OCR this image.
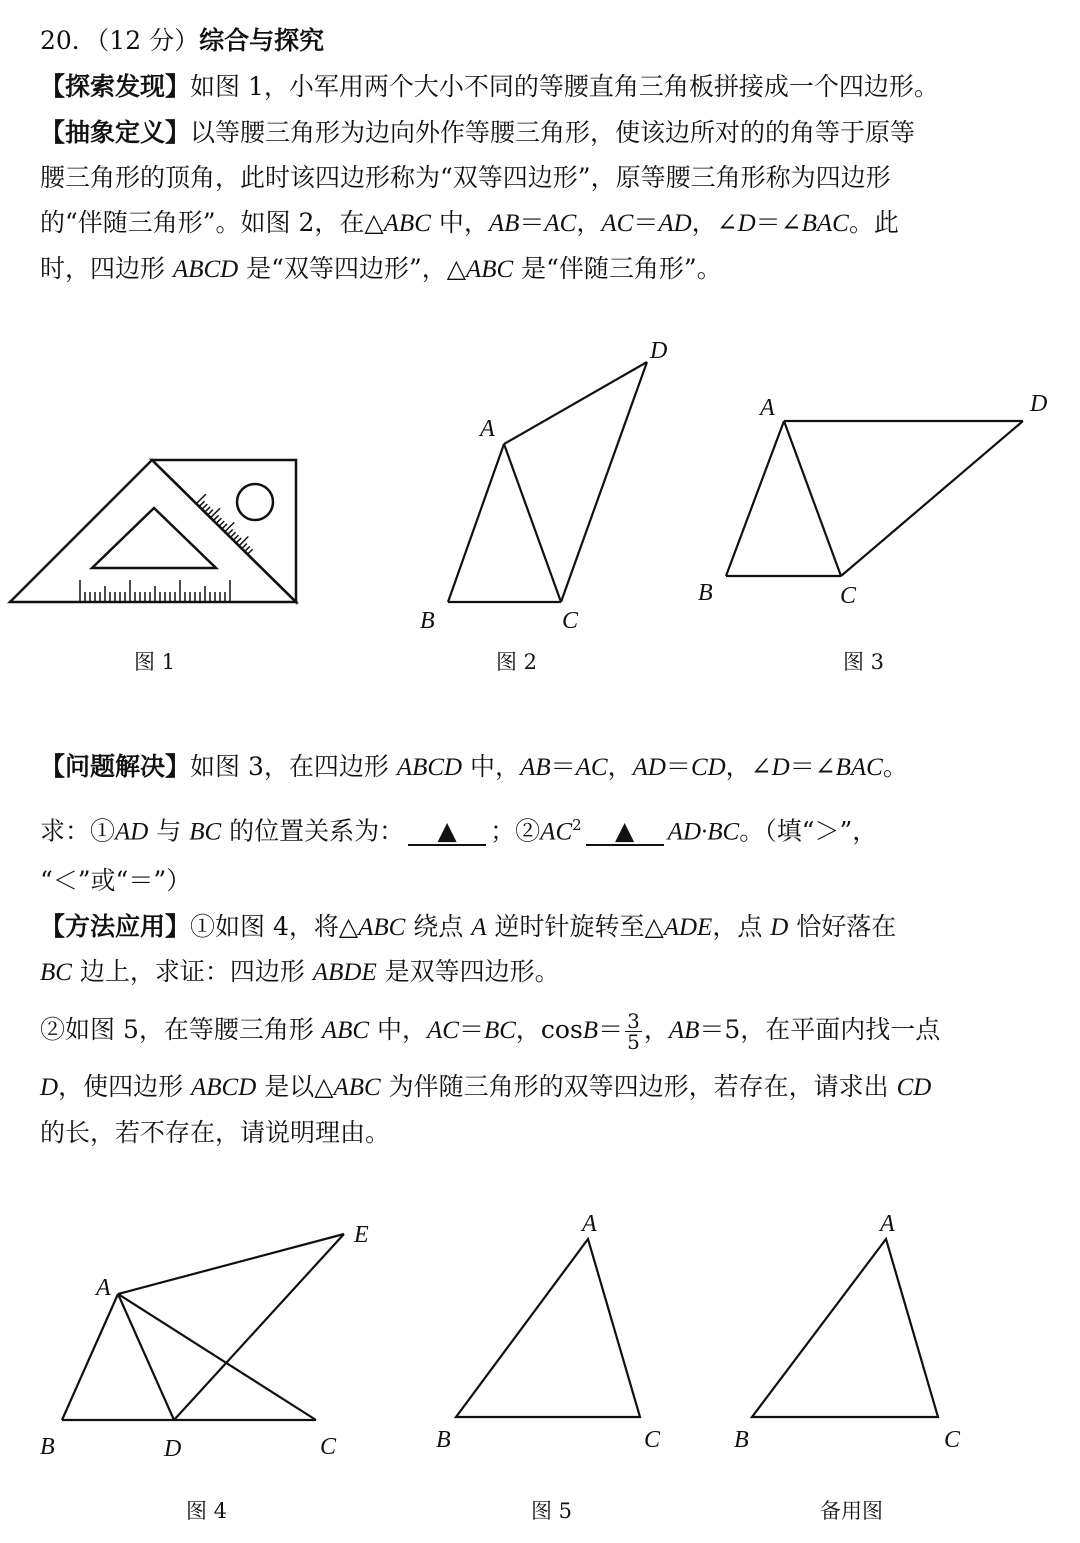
20．（12 分）综合与探究
【探索发现】如图 1，小军用两个大小不同的等腰直角三角板拼接成一个四边形。
【抽象定义】以等腰三角形为边向外作等腰三角形，使该边所对的的角等于原等
腰三角形的顶角，此时该四边形称为“双等四边形”，原等腰三角形称为四边形
的“伴随三角形”。如图 2，在△ABC 中，AB＝AC，AC＝AD，∠D＝∠BAC。此
时，四边形 ABCD 是“双等四边形”，△ABC 是“伴随三角形”。
图 1
A
B	C
D
图 2
A
B	C
D
图 3
【问题解决】如图 3，在四边形 ABCD 中，AB＝AC，AD＝CD，∠D＝∠BAC。
求：①AD 与 BC 的位置关系为： ▲ ；$②AC^2$ ▲ AD·BC。（填“＞”，
“＜”或“＝”）
【方法应用】①如图 4，将△ABC 绕点 A 逆时针旋转至△ADE，点 D 恰好落在
BC 边上，求证：四边形 ABDE 是双等四边形。
②如图 5，在等腰三角形 ABC 中，AC＝BC，$\cos B= \frac{3}{5}$ ，AB＝5，在平面内找一点
D，使四边形 ABCD 是以△ABC 为伴随三角形的双等四边形，若存在，请求出 CD
的长，若不存在，请说明理由。
A
B	D	C
E
图 4
A
B	C
图 5
A
B	C
备用图
